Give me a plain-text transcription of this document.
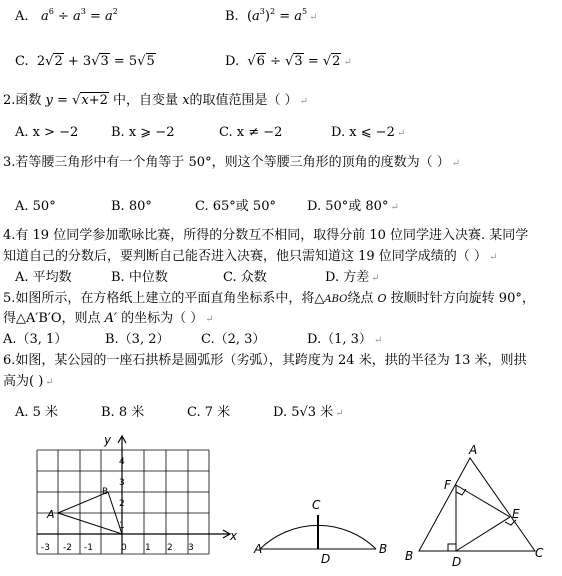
A. $a^6 \div a^3 = a^2$	B.  $(a^3)^2$ = $a^5↵$
C.  2√2 + 3√3 = 5√5	D. √6 ÷ √3 = √2 ↵
2.函数 y = √x+2 中，自变量 x的取值范围是（ ） ↵
A. x > −2	B. x ⩾ −2	C. x ≠ −2	D. x ⩽ −2 ↵
3.若等腰三角形中有一个角等于 50°，则这个等腰三角形的顶角的度数为（ ） ↵
A. 50°	B. 80°	C. 65°或 50° D. 50°或 80° ↵
4.有 19 位同学参加歌咏比赛，所得的分数互不相同，取得分前 10 位同学进入决赛. 某同学
知道自己的分数后，要判断自己能否进入决赛，他只需知道这 19 位同学成绩的（ ） ↵
A. 平均数	B. 中位数	C. 众数	D. 方差 ↵
5.如图所示，在方格纸上建立的平面直角坐标系中，将△ABO绕点 O 按顺时针方向旋转 90°，
得△A′B′O，则点 A′ 的坐标为（ ） ↵
A.（3, 1）	B.（3, 2） C.（2, 3）	D.（1, 3） ↵
6.如图，某公园的一座石拱桥是圆弧形（劣弧），其跨度为 24 米，拱的半径为 13 米，则拱
高为( ) ↵
A. 5 米	B. 8 米	C. 7 米	D. 5√3 米 ↵
y
x
A
B
-3 -2 -1	0 1 2 3
1
2
3
4
A	B
C
D
A
B	C
D
E
F
